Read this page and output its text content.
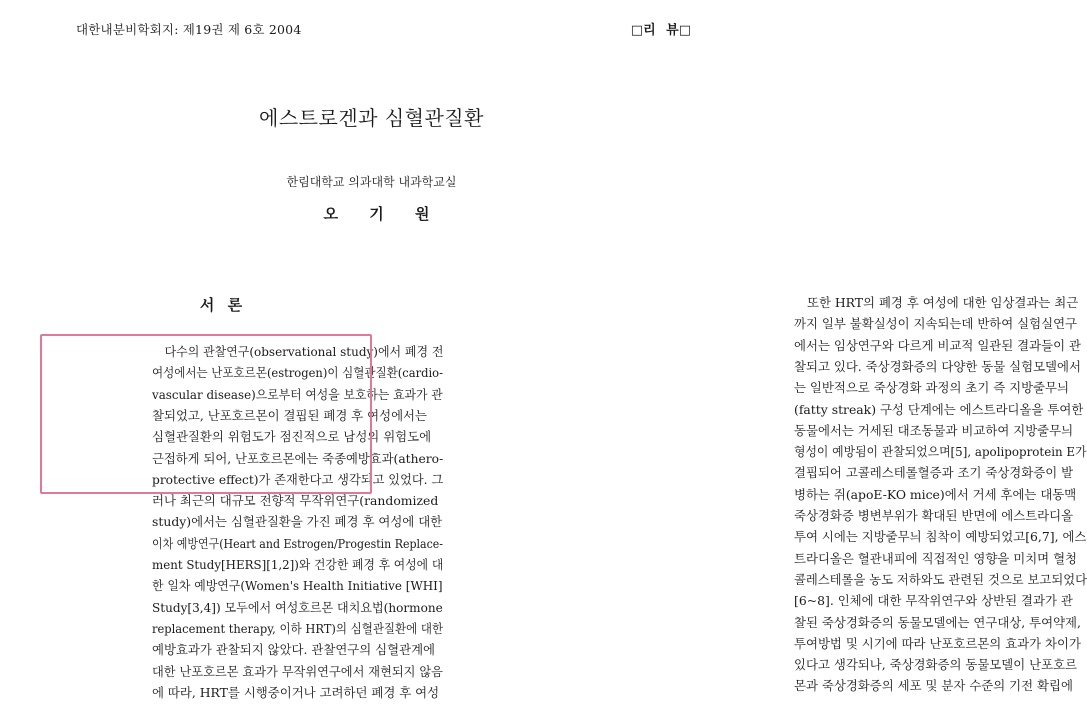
대한내분비학회지: 제19권 제 6호 2004	□리 뷰□
에스트로겐과 심혈관질환
한림대학교 의과대학 내과학교실
오 기 원
서 론
다수의 관찰연구(observational study)에서 폐경 전
여성에서는 난포호르몬(estrogen)이 심혈관질환(cardio-
vascular disease)으로부터 여성을 보호하는 효과가 관
찰되었고, 난포호르몬이 결핍된 폐경 후 여성에서는
심혈관질환의 위험도가 점진적으로 남성의 위험도에
근접하게 되어, 난포호르몬에는 죽종예방효과(athero-
protective effect)가 존재한다고 생각되고 있었다. 그
러나 최근의 대규모 전향적 무작위연구(randomized
study)에서는 심혈관질환을 가진 폐경 후 여성에 대한
이차 예방연구(Heart and Estrogen/Progestin Replace-
ment Study[HERS][1,2])와 건강한 폐경 후 여성에 대
한 일차 예방연구(Women's Health Initiative [WHI]
Study[3,4]) 모두에서 여성호르몬 대치요법(hormone
replacement therapy, 이하 HRT)의 심혈관질환에 대한
예방효과가 관찰되지 않았다. 관찰연구의 심혈관계에
대한 난포호르몬 효과가 무작위연구에서 재현되지 않음
에 따라, HRT를 시행중이거나 고려하던 폐경 후 여성
또한 HRT의 폐경 후 여성에 대한 임상결과는 최근
까지 일부 불확실성이 지속되는데 반하여 실험실연구
에서는 임상연구와 다르게 비교적 일관된 결과들이 관
찰되고 있다. 죽상경화증의 다양한 동물 실험모델에서
는 일반적으로 죽상경화 과정의 초기 즉 지방줄무늬
(fatty streak) 구성 단계에는 에스트라디올을 투여한
동물에서는 거세된 대조동물과 비교하여 지방줄무늬
형성이 예방됨이 관찰되었으며[5], apolipoprotein E가
결핍되어 고콜레스테롤혈증과 조기 죽상경화증이 발
병하는 쥐(apoE-KO mice)에서 거세 후에는 대동맥
죽상경화증 병변부위가 확대된 반면에 에스트라디올
투여 시에는 지방줄무늬 침착이 예방되었고[6,7], 에스
트라디올은 혈관내피에 직접적인 영향을 미치며 혈청
콜레스테롤을 농도 저하와도 관련된 것으로 보고되었다
[6~8]. 인체에 대한 무작위연구와 상반된 결과가 관
찰된 죽상경화증의 동물모델에는 연구대상, 투여약제,
투여방법 및 시기에 따라 난포호르몬의 효과가 차이가
있다고 생각되나, 죽상경화증의 동물모델이 난포호르
몬과 죽상경화증의 세포 및 분자 수준의 기전 확립에
